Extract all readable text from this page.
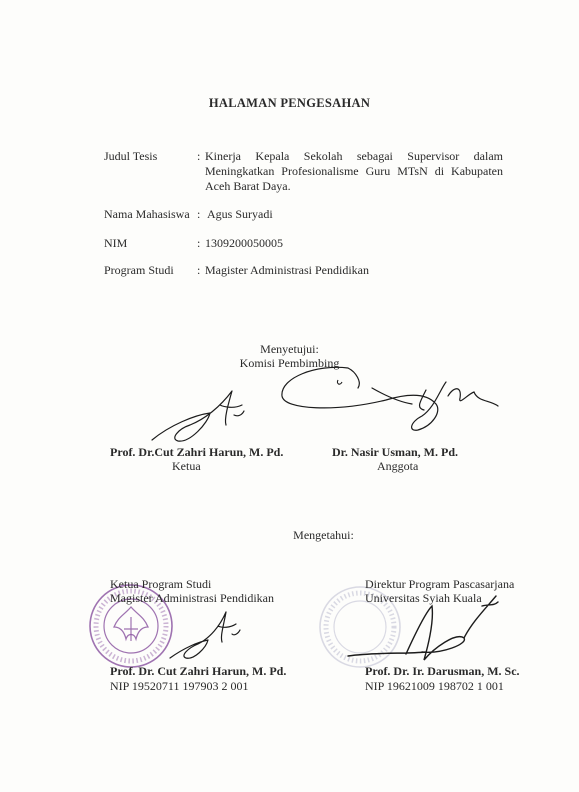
HALAMAN PENGESAHAN
Judul Tesis	: Kinerja Kepala Sekolah sebagai Supervisor dalam
Meningkatkan Profesionalisme Guru MTsN di Kabupaten
Aceh Barat Daya.
Nama Mahasiswa : Agus Suryadi
NIM	: 1309200050005
Program Studi : Magister Administrasi Pendidikan
Menyetujui:
Komisi Pembimbing
Prof. Dr.Cut Zahri Harun, M. Pd.
Ketua
Dr. Nasir Usman, M. Pd.
Anggota
Mengetahui:
Ketua Program Studi
Magister Administrasi Pendidikan
Direktur Program Pascasarjana
Universitas Syiah Kuala
Prof. Dr. Cut Zahri Harun, M. Pd.
NIP 19520711 197903 2 001
Prof. Dr. Ir. Darusman, M. Sc.
NIP 19621009 198702 1 001
